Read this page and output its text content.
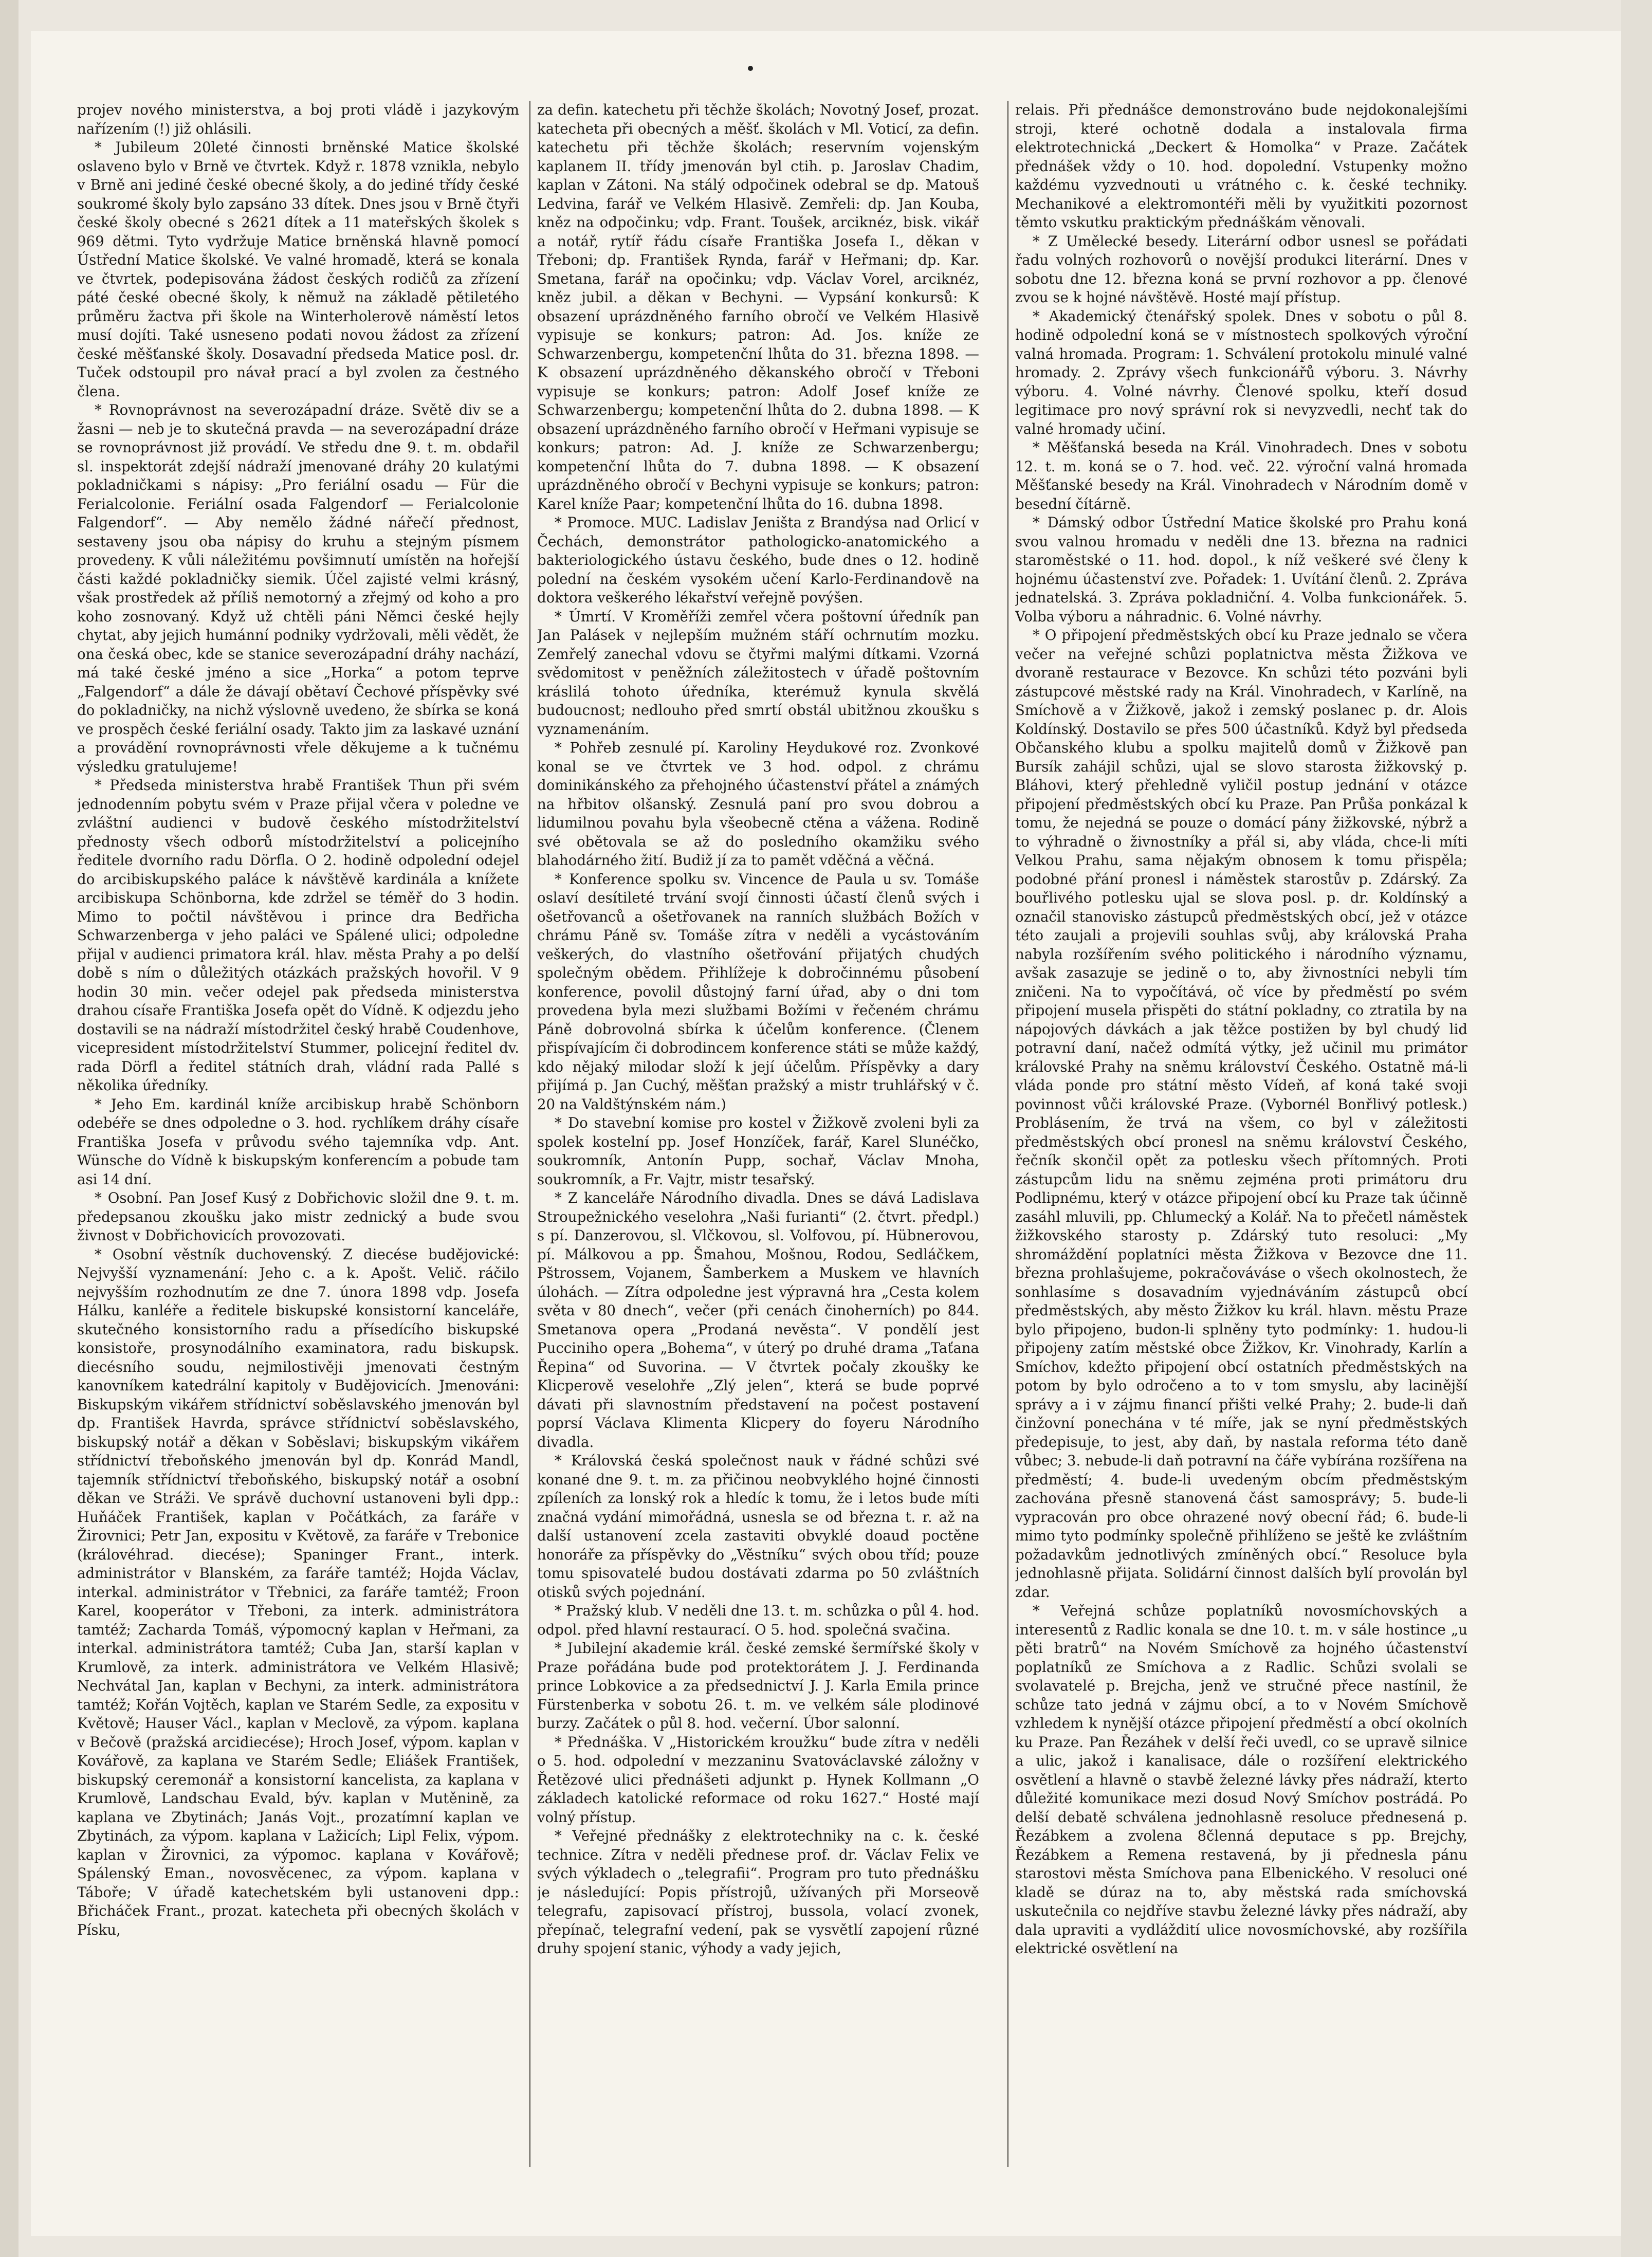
projev nového ministerstva, a boj proti vládě i jazykovým nařízením (!) již ohlásili.

* Jubileum 20leté činnosti brněnské Matice školské oslaveno bylo v Brně ve čtvrtek. Když r. 1878 vznikla, nebylo v Brně ani jediné české obecné školy, a do jediné třídy české soukromé školy bylo zapsáno 33 dítek. Dnes jsou v Brně čtyři české školy obecné s 2621 dítek a 11 mateřských školek s 969 dětmi. Tyto vydržuje Matice brněnská hlavně pomocí Ústřední Matice školské. Ve valné hromadě, která se konala ve čtvrtek, podepisována žádost českých rodičů za zřízení páté české obecné školy, k němuž na základě pětiletého průměru žactva při škole na Winterholerově náměstí letos musí dojíti. Také usneseno podati novou žádost za zřízení české měšťanské školy. Dosavadní předseda Matice posl. dr. Tuček odstoupil pro návał prací a byl zvolen za čestného člena.

* Rovnoprávnost na severozápadní dráze. Světě div se a žasni — neb je to skutečná pravda — na severozápadní dráze se rovnoprávnost již provádí. Ve středu dne 9. t. m. obdařil sl. inspektorát zdejší nádraží jmenované dráhy 20 kulatými pokladničkami s nápisy: „Pro feriální osadu — Für die Ferialcolonie. Feriální osada Falgendorf — Ferialcolonie Falgendorf“. — Aby nemělo žádné nářečí přednost, sestaveny jsou oba nápisy do kruhu a stejným písmem provedeny. K vůli náležitému povšimnutí umístěn na hořejší části každé pokladničky siemik. Účel zajisté velmi krásný, však prostředek až příliš nemotorný a zřejmý od koho a pro koho zosnovaný. Když už chtěli páni Němci české hejly chytat, aby jejich humánní podniky vydržovali, měli vědět, že ona česká obec, kde se stanice severozápadní dráhy nachází, má také české jméno a sice „Horka“ a potom teprve „Falgendorf“ a dále že dávají obětaví Čechové příspěvky své do pokladničky, na nichž výslovně uvedeno, že sbírka se koná ve prospěch české feriální osady. Takto jim za laskavé uznání a provádění rovnoprávnosti vřele děkujeme a k tučnému výsledku gratulujeme!

* Předseda ministerstva hrabě František Thun při svém jednodenním pobytu svém v Praze přijal včera v poledne ve zvláštní audienci v budově českého místodržitelství přednosty všech odborů místodržitelství a policejního ředitele dvorního radu Dörfla. O 2. hodině odpolední odejel do arcibiskupského paláce k návštěvě kardinála a knížete arcibiskupa Schönborna, kde zdržel se téměř do 3 hodin. Mimo to počtil návštěvou i prince dra Bedřicha Schwarzenberga v jeho paláci ve Spálené ulici; odpoledne přijal v audienci primatora král. hlav. města Prahy a po delší době s ním o důležitých otázkách pražských hovořil. V 9 hodin 30 min. večer odejel pak předseda ministerstva drahou císaře Františka Josefa opět do Vídně. K odjezdu jeho dostavili se na nádraží místodržitel český hrabě Coudenhove, vicepresident místodržitelství Stummer, policejní ředitel dv. rada Dörfl a ředitel státních drah, vládní rada Pallé s několika úředníky.

* Jeho Em. kardinál kníže arcibiskup hrabě Schönborn odebéře se dnes odpoledne o 3. hod. rychlíkem dráhy císaře Františka Josefa v průvodu svého tajemníka vdp. Ant. Wünsche do Vídně k biskupským konferencím a pobude tam asi 14 dní.

* Osobní. Pan Josef Kusý z Dobřichovic složil dne 9. t. m. předepsanou zkoušku jako mistr zednický a bude svou živnost v Dobřichovicích provozovati.

* Osobní věstník duchovenský. Z diecése budějovické: Nejvyšší vyznamenání: Jeho c. a k. Apošt. Velič. ráčilo nejvyšším rozhodnutím ze dne 7. února 1898 vdp. Josefa Hálku, kanléře a ředitele biskupské konsistorní kanceláře, skutečného konsistorního radu a přísedícího biskupské konsistoře, prosynodálního examinatora, radu biskupsk. diecésního soudu, nejmilostivěji jmenovati čestným kanovníkem katedrální kapitoly v Budějovicích. Jmenováni: Biskupským vikářem střídnictví soběslavského jmenován byl dp. František Havrda, správce střídnictví soběslavského, biskupský notář a děkan v Soběslavi; biskupským vikářem střídnictví třeboňského jmenován byl dp. Konrád Mandl, tajemník střídnictví třeboňského, biskupský notář a osobní děkan ve Stráži. Ve správě duchovní ustanoveni byli dpp.: Huňáček František, kaplan v Počátkách, za faráře v Žirovnici; Petr Jan, expositu v Květově, za faráře v Trebonice (královéhrad. diecése); Spaninger Frant., interk. administrátor v Blanském, za faráře tamtéž; Hojda Václav, interkal. administrátor v Třebnici, za faráře tamtéž; Froon Karel, kooperátor v Třeboni, za interk. administrátora tamtéž; Zacharda Tomáš, výpomocný kaplan v Heřmani, za interkal. administrátora tamtéž; Cuba Jan, starší kaplan v Krumlově, za interk. administrátora ve Velkém Hlasivě; Nechvátal Jan, kaplan v Bechyni, za interk. administrátora tamtéž; Kořán Vojtěch, kaplan ve Starém Sedle, za expositu v Květově; Hauser Václ., kaplan v Meclově, za výpom. kaplana v Bečově (pražská arcidiecése); Hroch Josef, výpom. kaplan v Kovářově, za kaplana ve Starém Sedle; Eliášek František, biskupský ceremonář a konsistorní kancelista, za kaplana v Krumlově, Landschau Evald, býv. kaplan v Mutěnině, za kaplana ve Zbytinách; Janás Vojt., prozatímní kaplan ve Zbytinách, za výpom. kaplana v Lažicích; Lipl Felix, výpom. kaplan v Žirovnici, za výpomoc. kaplana v Kovářově; Spálenský Eman., novosvěcenec, za výpom. kaplana v Táboře; V úřadě katechetském byli ustanoveni dpp.: Břicháček Frant., prozat. katecheta při obecných školách v Písku,

za defin. katechetu při těchže školách; Novotný Josef, prozat. katecheta při obecných a měšť. školách v Ml. Voticí, za defin. katechetu při těchže školách; reservním vojenským kaplanem II. třídy jmenován byl ctih. p. Jaroslav Chadim, kaplan v Zátoni. Na stálý odpočinek odebral se dp. Matouš Ledvina, farář ve Velkém Hlasivě. Zemřeli: dp. Jan Kouba, kněz na odpočinku; vdp. Frant. Toušek, arciknéz, bisk. vikář a notář, rytíř řádu císaře Františka Josefa I., děkan v Třeboni; dp. František Rynda, farář v Heřmani; dp. Kar. Smetana, farář na opočinku; vdp. Václav Vorel, arciknéz, kněz jubil. a děkan v Bechyni. — Vypsání konkursů: K obsazení uprázdněného farního obročí ve Velkém Hlasivě vypisuje se konkurs; patron: Ad. Jos. kníže ze Schwarzenbergu, kompetenční lhůta do 31. března 1898. — K obsazení uprázdněného děkanského obročí v Třeboni vypisuje se konkurs; patron: Adolf Josef kníže ze Schwarzenbergu; kompetenční lhůta do 2. dubna 1898. — K obsazení uprázdněného farního obročí v Heřmani vypisuje se konkurs; patron: Ad. J. kníže ze Schwarzenbergu; kompetenční lhůta do 7. dubna 1898. — K obsazení uprázdněného obročí v Bechyni vypisuje se konkurs; patron: Karel kníže Paar; kompetenční lhůta do 16. dubna 1898.

* Promoce. MUC. Ladislav Jeništa z Brandýsa nad Orlicí v Čechách, demonstrátor pathologicko-anatomického a bakteriologického ústavu českého, bude dnes o 12. hodině polední na českém vysokém učení Karlo-Ferdinandově na doktora veškerého lékařství veřejně povýšen.

* Úmrtí. V Kroměříži zemřel včera poštovní úředník pan Jan Palásek v nejlepším mužném stáří ochrnutím mozku. Zemřelý zanechal vdovu se čtyřmi malými dítkami. Vzorná svědomitost v peněžních záležitostech v úřadě poštovním kráslilá tohoto úředníka, kterémuž kynula skvělá budoucnost; nedlouho před smrtí obstál ubitžnou zkoušku s vyznamenáním.

* Pohřeb zesnulé pí. Karoliny Heydukové roz. Zvonkové konal se ve čtvrtek ve 3 hod. odpol. z chrámu dominikánského za přehojného účastenství přátel a známých na hřbitov olšanský. Zesnulá paní pro svou dobrou a lidumilnou povahu byla všeobecně ctěna a vážena. Rodině své obětovala se až do posledního okamžiku svého blahodárného žití. Budiž jí za to pamět vděčná a věčná.

* Konference spolku sv. Vincence de Paula u sv. Tomáše oslaví desítileté trvání svojí činnosti účastí členů svých i ošetřovanců a ošetřovanek na ranních službách Božích v chrámu Páně sv. Tomáše zítra v neděli a vycástováním veškerých, do vlastního ošetřování přijatých chudých společným obědem. Přihlížeje k dobročinnému působení konference, povolil důstojný farní úřad, aby o dni tom provedena byla mezi službami Božími v řečeném chrámu Páně dobrovolná sbírka k účelům konference. (Členem přispívajícím či dobrodincem konference státi se může každý, kdo nějaký milodar složí k její účelům. Příspěvky a dary přijímá p. Jan Cuchý, měšťan pražský a mistr truhlářský v č. 20 na Valdštýnském nám.)

* Do stavební komise pro kostel v Žižkově zvoleni byli za spolek kostelní pp. Josef Honzíček, farář, Karel Slunéčko, soukromník, Antonín Pupp, sochař, Václav Mnoha, soukromník, a Fr. Vajtr, mistr tesařský.

* Z kanceláře Národního divadla. Dnes se dává Ladislava Stroupežnického veselohra „Naši furianti“ (2. čtvrt. předpl.) s pí. Danzerovou, sl. Vlčkovou, sl. Volfovou, pí. Hübnerovou, pí. Málkovou a pp. Šmahou, Mošnou, Rodou, Sedláčkem, Pštrossem, Vojanem, Šamberkem a Muskem ve hlavních úlohách. — Zítra odpoledne jest výpravná hra „Cesta kolem světa v 80 dnech“, večer (při cenách činoherních) po 844. Smetanova opera „Prodaná nevěsta“. V pondělí jest Pucciniho opera „Bohema“, v úterý po druhé drama „Taťana Řepina“ od Suvorina. — V čtvrtek počaly zkoušky ke Klicperově veselohře „Zlý jelen“, která se bude poprvé dávati při slavnostním představení na počest postavení poprsí Václava Klimenta Klicpery do foyeru Národního divadla.

* Královská česká společnost nauk v řádné schůzi své konané dne 9. t. m. za přičinou neobvyklého hojné činnosti zpíleních za lonský rok a hledíc k tomu, že i letos bude míti značná vydání mimořádná, usnesla se od března t. r. až na další ustanovení zcela zastaviti obvyklé doaud poctěne honoráře za příspěvky do „Věstníku“ svých obou tříd; pouze tomu spisovatelé budou dostávati zdarma po 50 zvláštních otisků svých pojednání.

* Pražský klub. V neděli dne 13. t. m. schůzka o půl 4. hod. odpol. před hlavní restaurací. O 5. hod. společná svačina.

* Jubilejní akademie král. české zemské šermířské školy v Praze pořádána bude pod protektorátem J. J. Ferdinanda prince Lobkovice a za předsednictví J. J. Karla Emila prince Fürstenberka v sobotu 26. t. m. ve velkém sále plodinové burzy. Začátek o půl 8. hod. večerní. Úbor salonní.

* Přednáška. V „Historickém kroužku“ bude zítra v neděli o 5. hod. odpolední v mezzaninu Svatováclavské záložny v Řetězové ulici přednášeti adjunkt p. Hynek Kollmann „O základech katolické reformace od roku 1627.“ Hosté mají volný přístup.

* Veřejné přednášky z elektrotechniky na c. k. české technice. Zítra v neděli přednese prof. dr. Václav Felix ve svých výkladech o „telegrafii“. Program pro tuto přednášku je následující: Popis přístrojů, užívaných při Morseově telegrafu, zapisovací přístroj, bussola, volací zvonek, přepínač, telegrafní vedení, pak se vysvětlí zapojení různé druhy spojení stanic, výhody a vady jejich,

relais. Při přednášce demonstrováno bude nejdokonalejšími stroji, které ochotně dodala a instalovala firma elektrotechnická „Deckert & Homolka“ v Praze. Začátek přednášek vždy o 10. hod. dopolední. Vstupenky možno každému vyzvednouti u vrátného c. k. české techniky. Mechanikové a elektromontéři měli by využitkiti pozornost těmto vskutku praktickým přednáškám věnovali.

* Z Umělecké besedy. Literární odbor usnesl se pořádati řadu volných rozhovorů o novější produkci literární. Dnes v sobotu dne 12. března koná se první rozhovor a pp. členové zvou se k hojné návštěvě. Hosté mají přístup.

* Akademický čtenářský spolek. Dnes v sobotu o půl 8. hodině odpolední koná se v místnostech spolkových výroční valná hromada. Program: 1. Schválení protokolu minulé valné hromady. 2. Zprávy všech funkcionářů výboru. 3. Návrhy výboru. 4. Volné návrhy. Členové spolku, kteří dosud legitimace pro nový správní rok si nevyzvedli, nechť tak do valné hromady učiní.

* Měšťanská beseda na Král. Vinohradech. Dnes v sobotu 12. t. m. koná se o 7. hod. več. 22. výroční valná hromada Měšťanské besedy na Král. Vinohradech v Národním domě v besední čítárně.

* Dámský odbor Ústřední Matice školské pro Prahu koná svou valnou hromadu v neděli dne 13. března na radnici staroměstské o 11. hod. dopol., k níž veškeré své členy k hojnému účastenství zve. Pořadek: 1. Uvítání členů. 2. Zpráva jednatelská. 3. Zpráva pokladniční. 4. Volba funkcionářek. 5. Volba výboru a náhradnic. 6. Volné návrhy.

* O připojení předměstských obcí ku Praze jednalo se včera večer na veřejné schůzi poplatnictva města Žižkova ve dvoraně restaurace v Bezovce. Kn schůzi této pozváni byli zástupcové městské rady na Král. Vinohradech, v Karlíně, na Smíchově a v Žižkově, jakož i zemský poslanec p. dr. Alois Koldínský. Dostavilo se přes 500 účastníků. Když byl předseda Občanského klubu a spolku majitelů domů v Žižkově pan Bursík zahájil schůzi, ujal se slovo starosta žižkovský p. Bláhovi, který přehledně vyličil postup jednání v otázce připojení předměstských obcí ku Praze. Pan Průša ponkázal k tomu, že nejedná se pouze o domácí pány žižkovské, nýbrž a to výhradně o živnostníky a přál si, aby vláda, chce-li míti Velkou Prahu, sama nějakým obnosem k tomu přispěla; podobné přání pronesl i náměstek starostův p. Zdárský. Za bouřlivého potlesku ujal se slova posl. p. dr. Koldínský a označil stanovisko zástupců předměstských obcí, jež v otázce této zaujali a projevili souhlas svůj, aby královská Praha nabyla rozšířením svého politického i národního významu, avšak zasazuje se jedině o to, aby živnostníci nebyli tím zničeni. Na to vypočítává, oč více by předměstí po svém připojení musela přispěti do státní pokladny, co ztratila by na nápojových dávkách a jak těžce postižen by byl chudý lid potravní daní, načež odmítá výtky, jež učinil mu primátor královské Prahy na sněmu království Českého. Ostatně má-li vláda ponde pro státní město Vídeň, af koná také svoji povinnost vůči královské Praze. (Vybornél Bonřlivý potlesk.) Problásením, že trvá na všem, co byl v záležitosti předměstských obcí pronesl na sněmu království Českého, řečník skončil opět za potlesku všech přítomných. Proti zástupcům lidu na sněmu zejména proti primátoru dru Podlipnému, který v otázce připojení obcí ku Praze tak účinně zasáhl mluvili, pp. Chlumecký a Kolář. Na to přečetl náměstek žižkovského starosty p. Zdárský tuto resoluci: „My shromáždění poplatníci města Žižkova v Bezovce dne 11. března prohlašujeme, pokračováváse o všech okolnostech, že sonhlasíme s dosavadním vyjednáváním zástupců obcí předměstských, aby město Žižkov ku král. hlavn. městu Praze bylo připojeno, budon-li splněny tyto podmínky: 1. hudou-li připojeny zatím městské obce Žižkov, Kr. Vinohrady, Karlín a Smíchov, kdežto připojení obcí ostatních předměstských na potom by bylo odročeno a to v tom smyslu, aby lacinější správy a i v zájmu financí přišti velké Prahy; 2. bude-li daň činžovní ponechána v té míře, jak se nyní předměstských předepisuje, to jest, aby daň, by nastala reforma této daně vůbec; 3. nebude-li daň potravní na čáře vybírána rozšířena na předměstí; 4. bude-li uvedeným obcím předměstským zachována přesně stanovená část samosprávy; 5. bude-li vypracován pro obce ohrazené nový obecní řád; 6. bude-li mimo tyto podmínky společně přihlíženo se ještě ke zvláštním požadavkům jednotlivých zmíněných obcí.“ Resoluce byla jednohlasně přijata. Solidární činnost dalších bylí provolán byl zdar.

* Veřejná schůze poplatníků novosmíchovských a interesentů z Radlic konala se dne 10. t. m. v sále hostince „u pěti bratrů“ na Novém Smíchově za hojného účastenství poplatníků ze Smíchova a z Radlic. Schůzi svolali se svolavatelé p. Brejcha, jenž ve stručné přece nastínil, že schůze tato jedná v zájmu obcí, a to v Novém Smíchově vzhledem k nynější otázce připojení předměstí a obcí okolních ku Praze. Pan Řezáhek v delší řeči uvedl, co se upravě silnice a ulic, jakož i kanalisace, dále o rozšíření elektrického osvětlení a hlavně o stavbě železné lávky přes nádraží, kterto důležité komunikace mezi dosud Nový Smíchov postrádá. Po delší debatě schválena jednohlasně resoluce přednesená p. Řezábkem a zvolena 8členná deputace s pp. Brejchy, Řezábkem a Remena restavená, by ji přednesla pánu starostovi města Smíchova pana Elbenického. V resoluci oné kladě se dúraz na to, aby městská rada smíchovská uskutečnila co nejdříve stavbu železné lávky přes nádraží, aby dala upraviti a vydláždití ulice novosmíchovské, aby rozšířila elektrické osvětlení na
